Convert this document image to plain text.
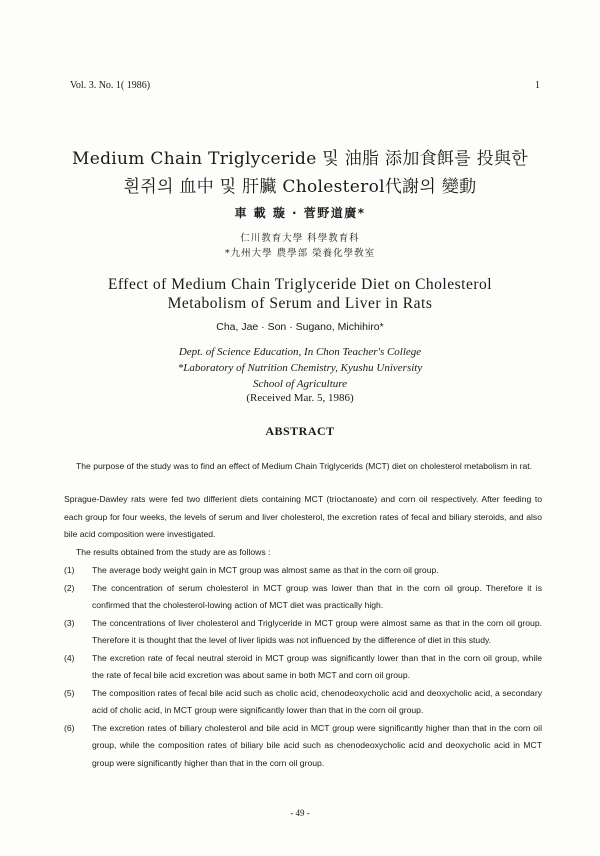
Vol. 3. No. 1( 1986)	1
Medium Chain Triglyceride 및 油脂 添加食餌를 投與한
흰쥐의 血中 및 肝臟 Cholesterol代謝의 變動
車 載 璇 · 菅野道廣*
仁川教育大學 科學教育科
*九州大學 農學部 榮養化學敎室
Effect of Medium Chain Triglyceride Diet on Cholesterol
Metabolism of Serum and Liver in Rats
Cha, Jae · Son · Sugano, Michihiro*
Dept. of Science Education, In Chon Teacher's College
*Laboratory of Nutrition Chemistry, Kyushu University
School of Agriculture
(Received Mar. 5, 1986)
ABSTRACT
The purpose of the study was to find an effect of Medium Chain Triglycerids (MCT) diet on cholesterol metabolism in rat.
Sprague-Dawley rats were fed two differient diets containing MCT (trioctanoate) and corn oil respectively. After feeding to each group for four weeks, the levels of serum and liver cholesterol, the excretion rates of fecal and biliary steroids, and also bile acid composition were investigated.
The results obtained from the study are as follows :
(1)	The average body weight gain in MCT group was almost same as that in the corn oil group.
(2)	The concentration of serum cholesterol in MCT group was lower than that in the corn oil group. Therefore it is confirmed that the cholesterol-lowing action of MCT diet was practically high.
(3)	The concentrations of liver cholesterol and Triglyceride in MCT group were almost same as that in the corn oil group. Therefore it is thought that the level of liver lipids was not influenced by the difference of diet in this study.
(4)	The excretion rate of fecal neutral steroid in MCT group was significantly lower than that in the corn oil group, while the rate of fecal bile acid excretion was about same in both MCT and corn oil group.
(5)	The composition rates of fecal bile acid such as cholic acid, chenodeoxycholic acid and deoxycholic acid, a secondary acid of cholic acid, in MCT group were significantly lower than that in the corn oil group.
(6)	The excretion rates of biliary cholesterol and bile acid in MCT group were significantly higher than that in the corn oil group, while the composition rates of biliary bile acid such as chenodeoxycholic acid and deoxycholic acid in MCT group were significantly higher than that in the corn oil group.
- 49 -
